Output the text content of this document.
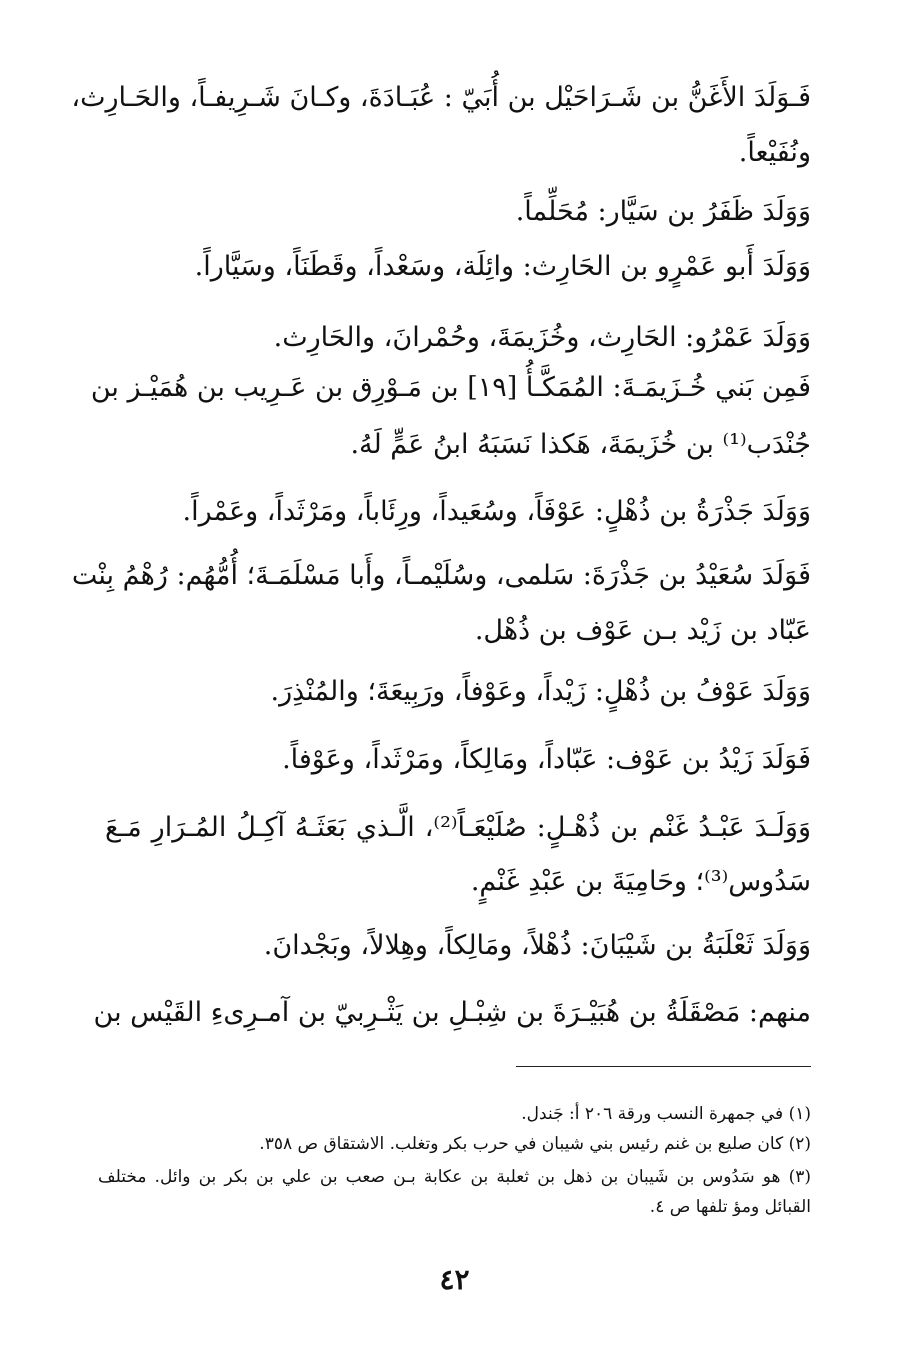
فَـوَلَدَ الأَغَنُّ بن شَـرَاحَيْل بن أُبَيّ : عُبَـادَةَ، وكـانَ شَـرِيفـاً، والحَـارِث،
ونُفَيْعاً.
وَوَلَدَ ظَفَرُ بن سَيَّار: مُحَلِّماً.
وَوَلَدَ أَبو عَمْرٍو بن الحَارِث: وائِلَة، وسَعْداً، وقَطَنَاً، وسَيَّاراً.
وَوَلَدَ عَمْرُو: الحَارِث، وخُزَيمَةَ، وحُمْرانَ، والحَارِث.
فَمِن بَني خُـزَيمَـةَ: المُمَكَّـأُ [١٩] بن مَـوْرِق بن عَـرِيب بن هُمَيْـز بن
جُنْدَب⁽¹⁾ بن خُزَيمَةَ، هَكذا نَسَبَهُ ابنُ عَمٍّ لَهُ.
وَوَلَدَ جَذْرَةُ بن ذُهْلٍ: عَوْفَاً، وسُعَيداً، ورِئَاباً، ومَرْثَداً، وعَمْراً.
فَوَلَدَ سُعَيْدُ بن جَذْرَةَ: سَلمى، وسُلَيْمـاً، وأَبا مَسْلَمَـةَ؛ أُمُّهُم: رُهْمُ بِنْت
عَبّاد بن زَيْد بـن عَوْف بن ذُهْل.
وَوَلَدَ عَوْفُ بن ذُهْلٍ: زَيْداً، وعَوْفاً، ورَبِيعَةَ؛ والمُنْذِرَ.
فَوَلَدَ زَيْدُ بن عَوْف: عَبّاداً، ومَالِكاً، ومَرْثَداً، وعَوْفاً.
وَوَلَـدَ عَبْـدُ غَنْم بن ذُهْـلٍ: صُلَيْعَـاً⁽²⁾، الَّـذي بَعَثَـهُ آكِـلُ المُـرَارِ مَـعَ
سَدُوس⁽³⁾؛ وحَامِيَةَ بن عَبْدِ غَنْمٍ.
وَوَلَدَ ثَعْلَبَةُ بن شَيْبَانَ: ذُهْلاً، ومَالِكاً، وهِلالاً، وبَجْدانَ.
منهم: مَصْقَلَةُ بن هُبَيْـرَةَ بن شِبْـلِ بن يَثْـرِبيّ بن آمـرِىءِ القَيْس بن
(١) في جمهرة النسب ورقة ٢٠٦ أ: جَندل.
(٢) كان صليع بن غنم رئيس بني شيبان في حرب بكر وتغلب. الاشتقاق ص ٣٥٨.
(٣) هو سَدُوس بن شَيبان بن ذهل بن ثعلبة بن عكابة بـن صعب بن علي بن بكر بن وائل. مختلف
القبائل ومؤ تلفها ص ٤.
٤٢
